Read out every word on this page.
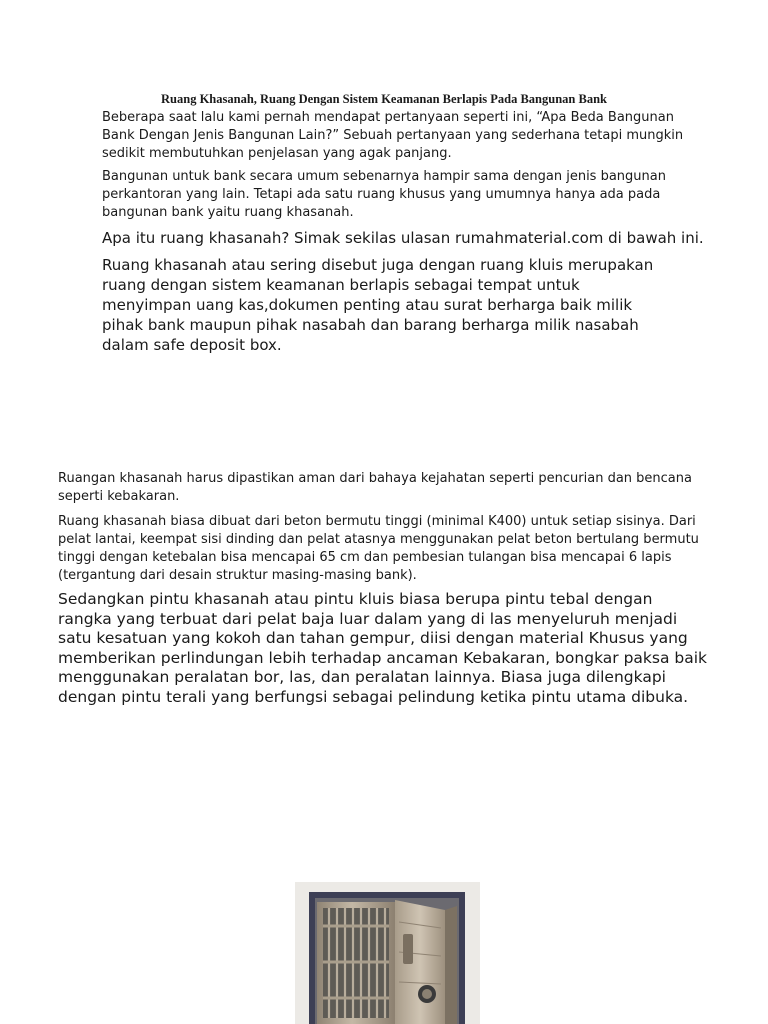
Ruang Khasanah, Ruang Dengan Sistem Keamanan Berlapis Pada Bangunan Bank

Beberapa saat lalu kami pernah mendapat pertanyaan seperti ini, “Apa Beda Bangunan Bank Dengan Jenis Bangunan Lain?” Sebuah pertanyaan yang sederhana tetapi mungkin sedikit membutuhkan penjelasan yang agak panjang.

Bangunan untuk bank secara umum sebenarnya hampir sama dengan jenis bangunan perkantoran yang lain. Tetapi ada satu ruang khusus yang umumnya hanya ada pada bangunan bank yaitu ruang khasanah.

Apa itu ruang khasanah? Simak sekilas ulasan rumahmaterial.com di bawah ini.

Ruang khasanah atau sering disebut juga dengan ruang kluis merupakan ruang dengan sistem keamanan berlapis sebagai tempat untuk menyimpan uang kas,dokumen penting atau surat berharga baik milik pihak bank maupun pihak nasabah dan barang berharga milik nasabah dalam safe deposit box.

Ruangan khasanah harus dipastikan aman dari bahaya kejahatan seperti pencurian dan bencana seperti kebakaran.

Ruang khasanah biasa dibuat dari beton bermutu tinggi (minimal K400) untuk setiap sisinya. Dari pelat lantai, keempat sisi dinding dan pelat atasnya menggunakan pelat beton bertulang bermutu tinggi dengan ketebalan bisa mencapai 65 cm dan pembesian tulangan bisa mencapai 6 lapis (tergantung dari desain struktur masing-masing bank).

Sedangkan pintu khasanah atau pintu kluis biasa berupa pintu tebal dengan rangka yang terbuat dari pelat baja luar dalam yang di las menyeluruh menjadi satu kesatuan yang kokoh dan tahan gempur, diisi dengan material Khusus yang memberikan perlindungan lebih terhadap ancaman Kebakaran, bongkar paksa baik menggunakan peralatan bor, las, dan peralatan lainnya. Biasa juga dilengkapi dengan pintu terali yang berfungsi sebagai pelindung ketika pintu utama dibuka.
